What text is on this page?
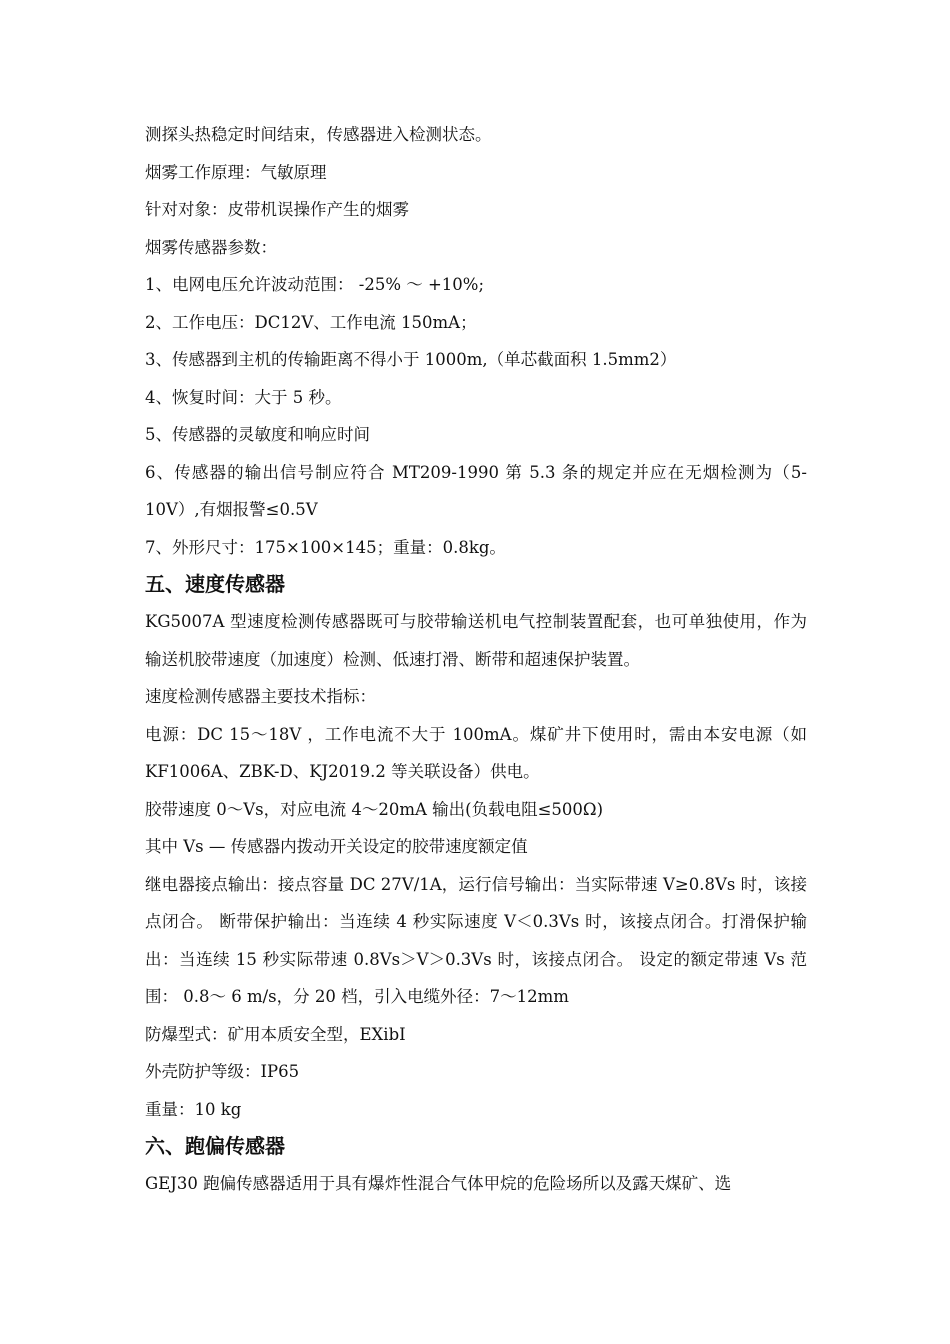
测探头热稳定时间结束，传感器进入检测状态。

烟雾工作原理：气敏原理

针对对象：皮带机误操作产生的烟雾

烟雾传感器参数：

1、电网电压允许波动范围： -25% ～ +10%;

2、工作电压：DC12V、工作电流 150mA；

3、传感器到主机的传输距离不得小于 1000m,（单芯截面积 1.5mm2）

4、恢复时间：大于 5 秒。

5、传感器的灵敏度和响应时间

6、传感器的输出信号制应符合 MT209-1990 第 5.3 条的规定并应在无烟检测为（5-10V）,有烟报警≤0.5V

7、外形尺寸：175×100×145；重量：0.8kg。

五、速度传感器

KG5007A 型速度检测传感器既可与胶带输送机电气控制装置配套，也可单独使用，作为输送机胶带速度（加速度）检测、低速打滑、断带和超速保护装置。

速度检测传感器主要技术指标：

电源：DC 15～18V ，工作电流不大于 100mA。煤矿井下使用时，需由本安电源（如 KF1006A、ZBK-D、KJ2019.2 等关联设备）供电。

胶带速度 0～Vs，对应电流 4～20mA 输出(负载电阻≤500Ω)

其中 Vs — 传感器内拨动开关设定的胶带速度额定值

继电器接点输出：接点容量 DC 27V/1A，运行信号输出：当实际带速 V≥0.8Vs 时，该接点闭合。 断带保护输出：当连续 4 秒实际速度 V＜0.3Vs 时，该接点闭合。打滑保护输出：当连续 15 秒实际带速 0.8Vs＞V＞0.3Vs 时，该接点闭合。 设定的额定带速 Vs 范围： 0.8～ 6 m/s，分 20 档，引入电缆外径：7～12mm

防爆型式：矿用本质安全型，EXibI

外壳防护等级：IP65

重量：10 kg

六、跑偏传感器

GEJ30 跑偏传感器适用于具有爆炸性混合气体甲烷的危险场所以及露天煤矿、选
